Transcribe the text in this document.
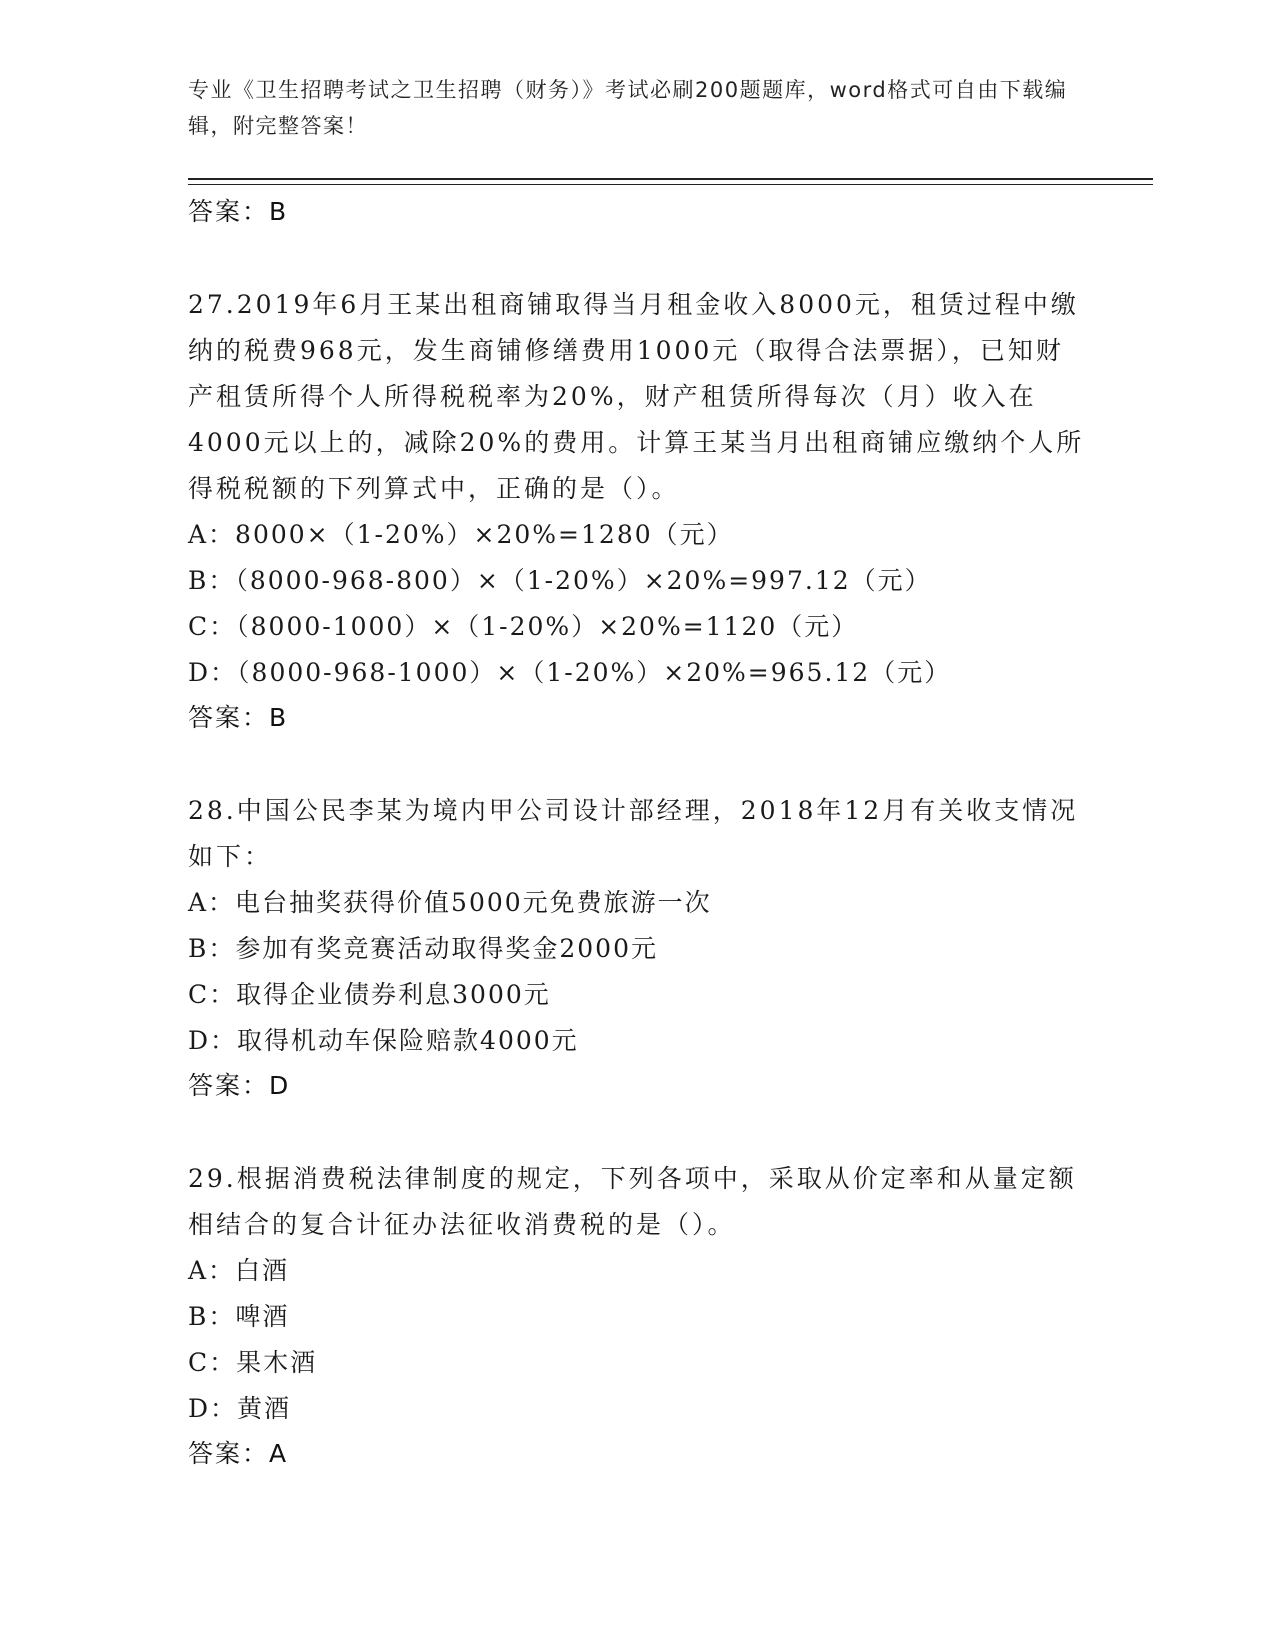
专业《卫生招聘考试之卫生招聘（财务）》考试必刷200题题库，word格式可自由下载编辑，附完整答案！
答案：B
27.2019年6月王某出租商铺取得当月租金收入8000元，租赁过程中缴纳的税费968元，发生商铺修缮费用1000元（取得合法票据），已知财产租赁所得个人所得税税率为20%，财产租赁所得每次（月）收入在4000元以上的，减除20%的费用。计算王某当月出租商铺应缴纳个人所得税税额的下列算式中，正确的是（）。
A：8000×（1-20%）×20%=1280（元）
B：（8000-968-800）×（1-20%）×20%=997.12（元）
C：（8000-1000）×（1-20%）×20%=1120（元）
D：（8000-968-1000）×（1-20%）×20%=965.12（元）
答案：B
28.中国公民李某为境内甲公司设计部经理，2018年12月有关收支情况如下：
A：电台抽奖获得价值5000元免费旅游一次
B：参加有奖竞赛活动取得奖金2000元
C：取得企业债券利息3000元
D：取得机动车保险赔款4000元
答案：D
29.根据消费税法律制度的规定，下列各项中，采取从价定率和从量定额相结合的复合计征办法征收消费税的是（）。
A：白酒
B：啤酒
C：果木酒
D：黄酒
答案：A
